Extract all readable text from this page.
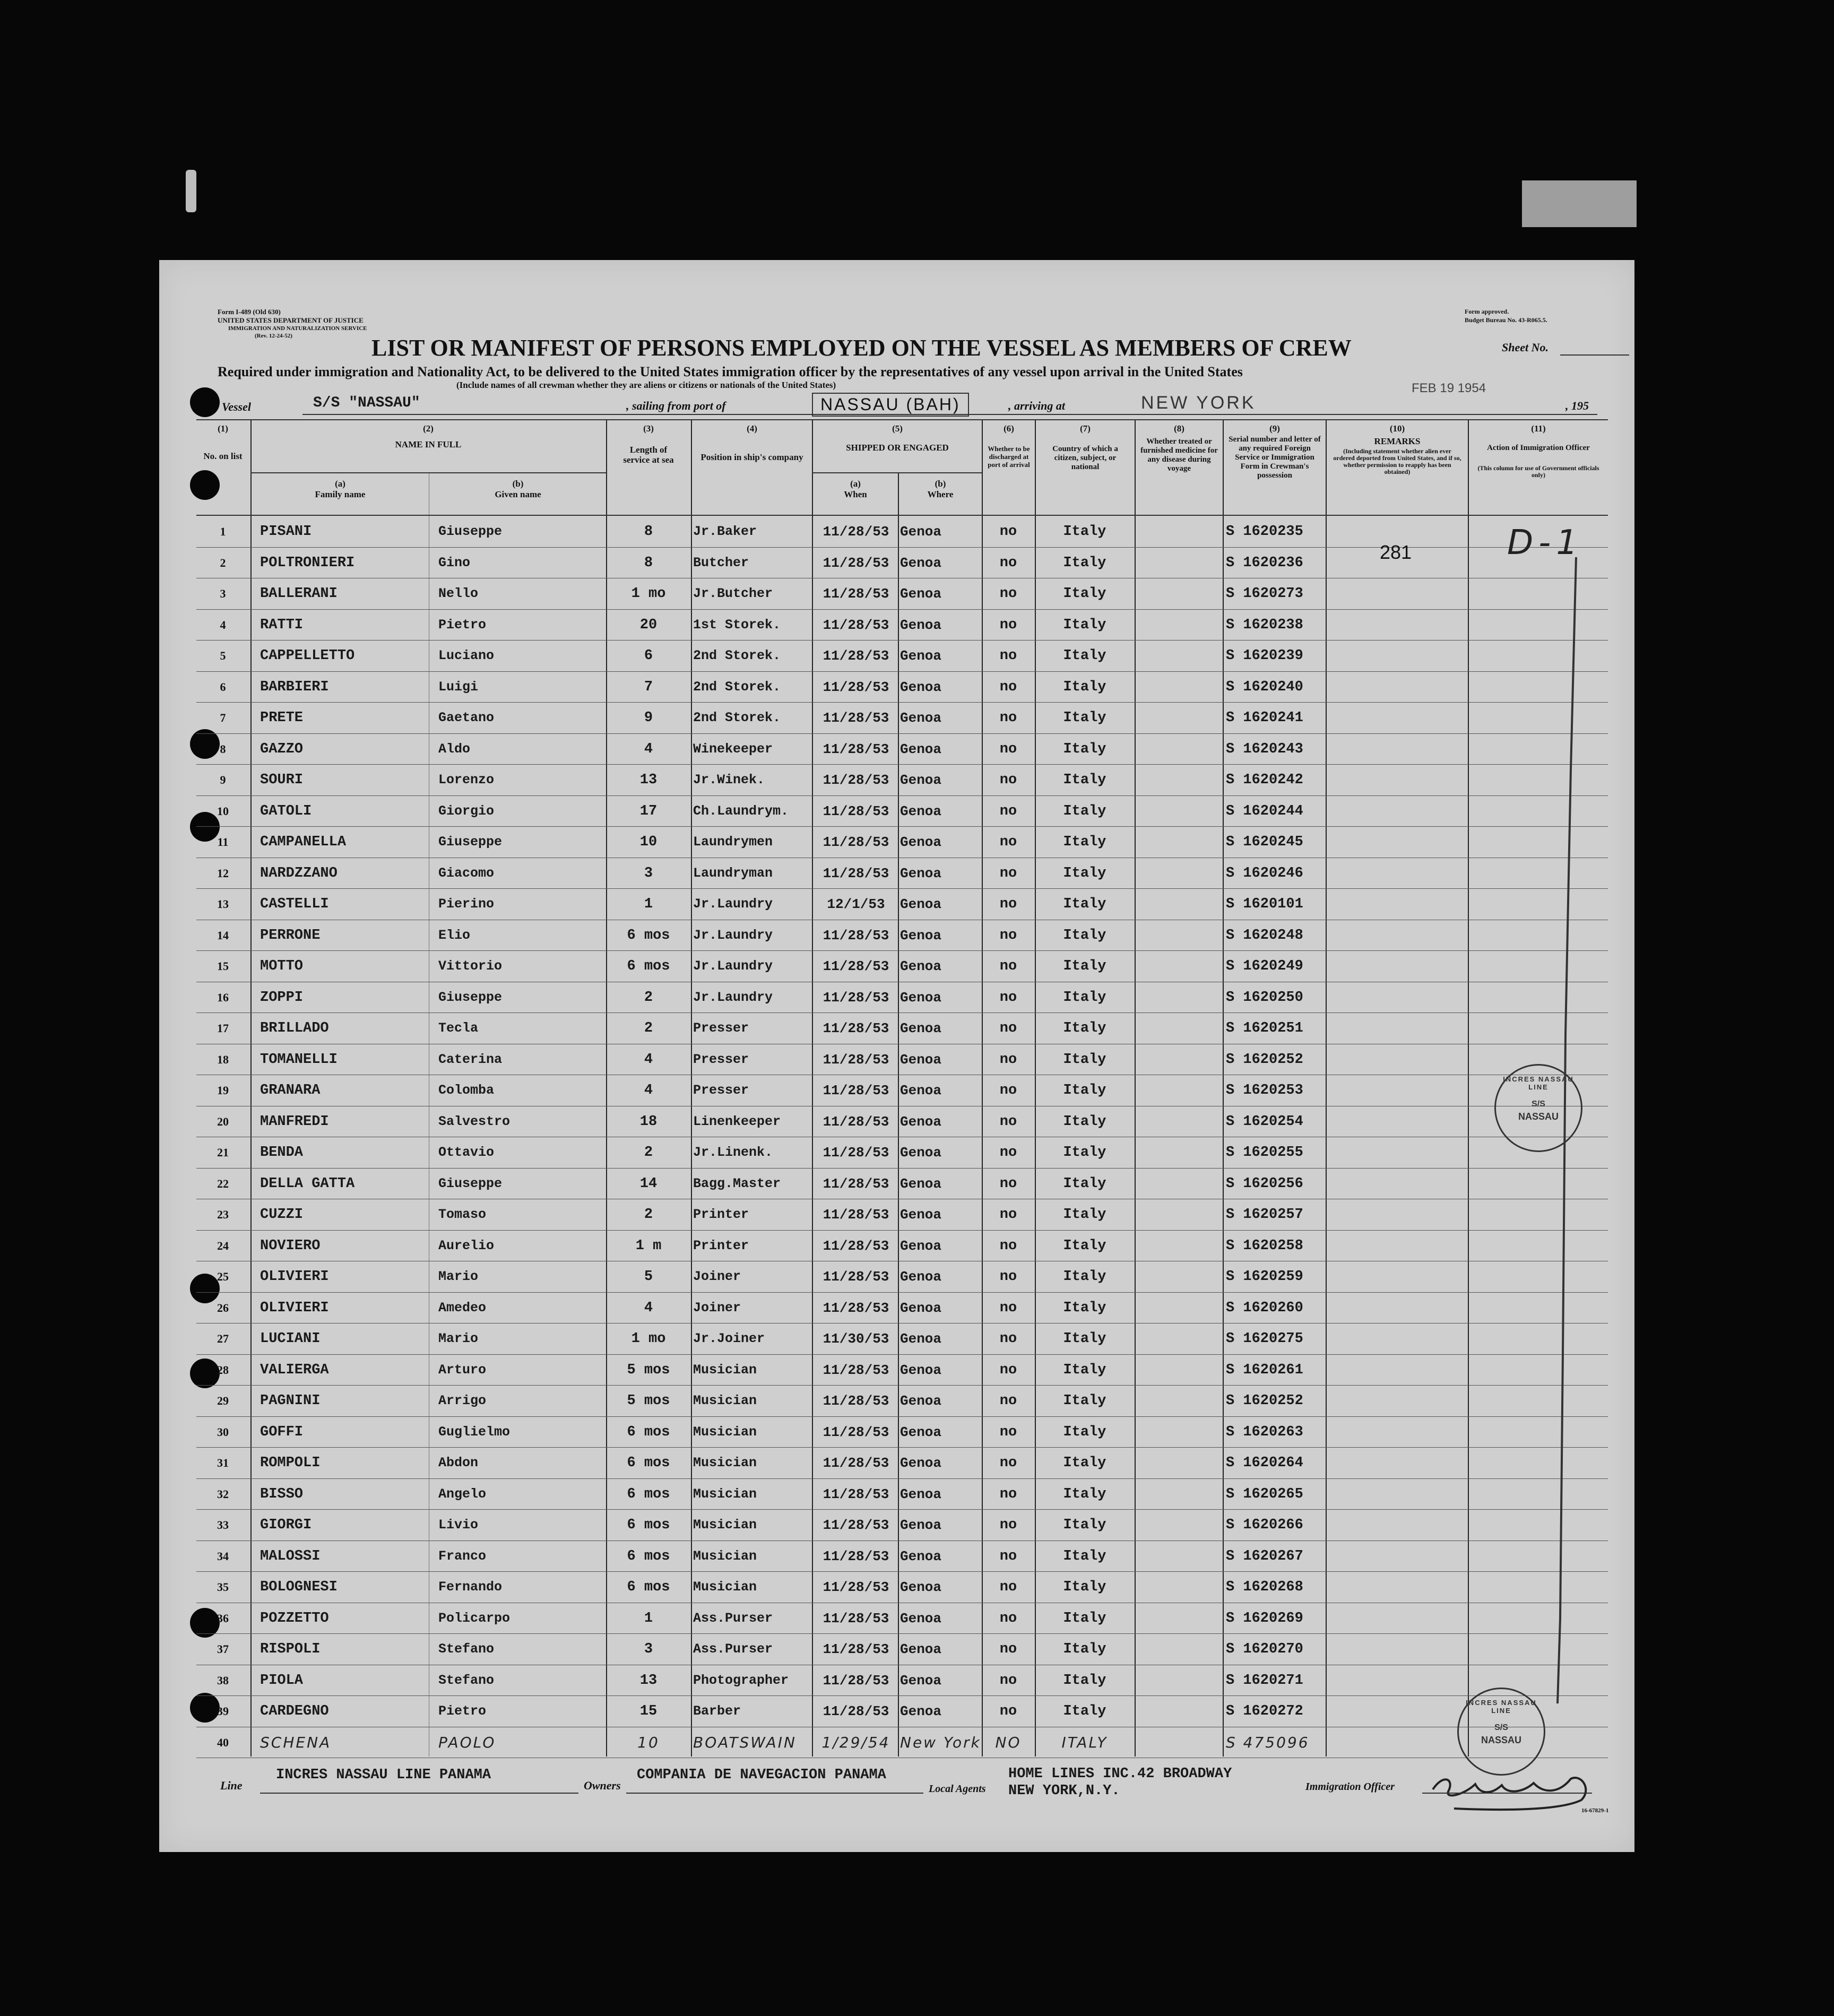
Form I-489 (Old 630)
UNITED STATES DEPARTMENT OF JUSTICE
IMMIGRATION AND NATURALIZATION SERVICE
(Rev. 12-24-52)
Form approved.
Budget Bureau No. 43-R065.5.
LIST OR MANIFEST OF PERSONS EMPLOYED ON THE VESSEL AS MEMBERS OF CREW	Sheet No.
Required under immigration and Nationality Act, to be delivered to the United States immigration officer by the representatives of any vessel upon arrival in the United States
(Include names of all crewman whether they are aliens or citizens or nationals of the United States)	FEB 19 1954
Vessel	S/S "NASSAU"	, sailing from port of	NASSAU (BAH)	, arriving at	NEW YORK	, 195
(1)
No. on list
(2)
NAME IN FULL
(a)
Family name
(b)
Given name
(3)
Length of service at sea
(4)
Position in ship's company
(5)
SHIPPED OR ENGAGED
(a)
When
(b)
Where
(6)
Whether to be discharged at port of arrival
(7)
Country of which a citizen, subject, or national
(8)
Whether treated or furnished medicine for any disease during voyage
(9)
Serial number and letter of any required Foreign Service or Immigration Form in Crewman's possession
(10)
REMARKS
(Including statement whether alien ever ordered deported from United States, and if so, whether permission to reapply has been obtained)
(11)
Action of Immigration Officer
(This column for use of Government officials only)
1	PISANI	Giuseppe	8	Jr.Baker	11/28/53 Genoa	no	Italy	S 1620235
2	POLTRONIERI	Gino	8	Butcher	11/28/53 Genoa	no	Italy	S 1620236
3	BALLERANI	Nello	1 mo	Jr.Butcher	11/28/53 Genoa	no	Italy	S 1620273
4	RATTI	Pietro	20	1st Storek.	11/28/53 Genoa	no	Italy	S 1620238
5	CAPPELLETTO	Luciano	6	2nd Storek.	11/28/53 Genoa	no	Italy	S 1620239
6	BARBIERI	Luigi	7	2nd Storek.	11/28/53 Genoa	no	Italy	S 1620240
7	PRETE	Gaetano	9	2nd Storek.	11/28/53 Genoa	no	Italy	S 1620241
8	GAZZO	Aldo	4	Winekeeper	11/28/53 Genoa	no	Italy	S 1620243
9	SOURI	Lorenzo	13	Jr.Winek.	11/28/53 Genoa	no	Italy	S 1620242
10	GATOLI	Giorgio	17	Ch.Laundrym.	11/28/53 Genoa	no	Italy	S 1620244
11	CAMPANELLA	Giuseppe	10	Laundrymen	11/28/53 Genoa	no	Italy	S 1620245
12	NARDZZANO	Giacomo	3	Laundryman	11/28/53 Genoa	no	Italy	S 1620246
13	CASTELLI	Pierino	1	Jr.Laundry	12/1/53	Genoa	no	Italy	S 1620101
14	PERRONE	Elio	6 mos	Jr.Laundry	11/28/53 Genoa	no	Italy	S 1620248
15	MOTTO	Vittorio	6 mos	Jr.Laundry	11/28/53 Genoa	no	Italy	S 1620249
16	ZOPPI	Giuseppe	2	Jr.Laundry	11/28/53 Genoa	no	Italy	S 1620250
17	BRILLADO	Tecla	2	Presser	11/28/53 Genoa	no	Italy	S 1620251
18	TOMANELLI	Caterina	4	Presser	11/28/53 Genoa	no	Italy	S 1620252
19	GRANARA	Colomba	4	Presser	11/28/53 Genoa	no	Italy	S 1620253
20	MANFREDI	Salvestro	18	Linenkeeper	11/28/53 Genoa	no	Italy	S 1620254
21	BENDA	Ottavio	2	Jr.Linenk.	11/28/53 Genoa	no	Italy	S 1620255
22	DELLA GATTA	Giuseppe	14	Bagg.Master	11/28/53 Genoa	no	Italy	S 1620256
23	CUZZI	Tomaso	2	Printer	11/28/53 Genoa	no	Italy	S 1620257
24	NOVIERO	Aurelio	1 m	Printer	11/28/53 Genoa	no	Italy	S 1620258
25	OLIVIERI	Mario	5	Joiner	11/28/53 Genoa	no	Italy	S 1620259
26	OLIVIERI	Amedeo	4	Joiner	11/28/53 Genoa	no	Italy	S 1620260
27	LUCIANI	Mario	1 mo	Jr.Joiner	11/30/53 Genoa	no	Italy	S 1620275
28	VALIERGA	Arturo	5 mos	Musician	11/28/53 Genoa	no	Italy	S 1620261
29	PAGNINI	Arrigo	5 mos	Musician	11/28/53 Genoa	no	Italy	S 1620252
30	GOFFI	Guglielmo	6 mos	Musician	11/28/53 Genoa	no	Italy	S 1620263
31	ROMPOLI	Abdon	6 mos	Musician	11/28/53 Genoa	no	Italy	S 1620264
32	BISSO	Angelo	6 mos	Musician	11/28/53 Genoa	no	Italy	S 1620265
33	GIORGI	Livio	6 mos	Musician	11/28/53 Genoa	no	Italy	S 1620266
34	MALOSSI	Franco	6 mos	Musician	11/28/53 Genoa	no	Italy	S 1620267
35	BOLOGNESI	Fernando	6 mos	Musician	11/28/53 Genoa	no	Italy	S 1620268
36	POZZETTO	Policarpo	1	Ass.Purser	11/28/53 Genoa	no	Italy	S 1620269
37	RISPOLI	Stefano	3	Ass.Purser	11/28/53 Genoa	no	Italy	S 1620270
38	PIOLA	Stefano	13	Photographer	11/28/53 Genoa	no	Italy	S 1620271
39	CARDEGNO	Pietro	15	Barber	11/28/53 Genoa	no	Italy	S 1620272
40	SCHENA	PAOLO	10	BOATSWAIN	1/29/54 New York NO	ITALY	S 475096
281	D-1
INCRES NASSAU LINE
S/S
NASSAU
INCRES NASSAU LINE
S/S
NASSAU
Line
INCRES NASSAU LINE PANAMA
Owners
COMPANIA DE NAVEGACION PANAMA
Local Agents
HOME LINES INC.42 BROADWAY
NEW YORK,N.Y.	Immigration Officer
16-67829-1
